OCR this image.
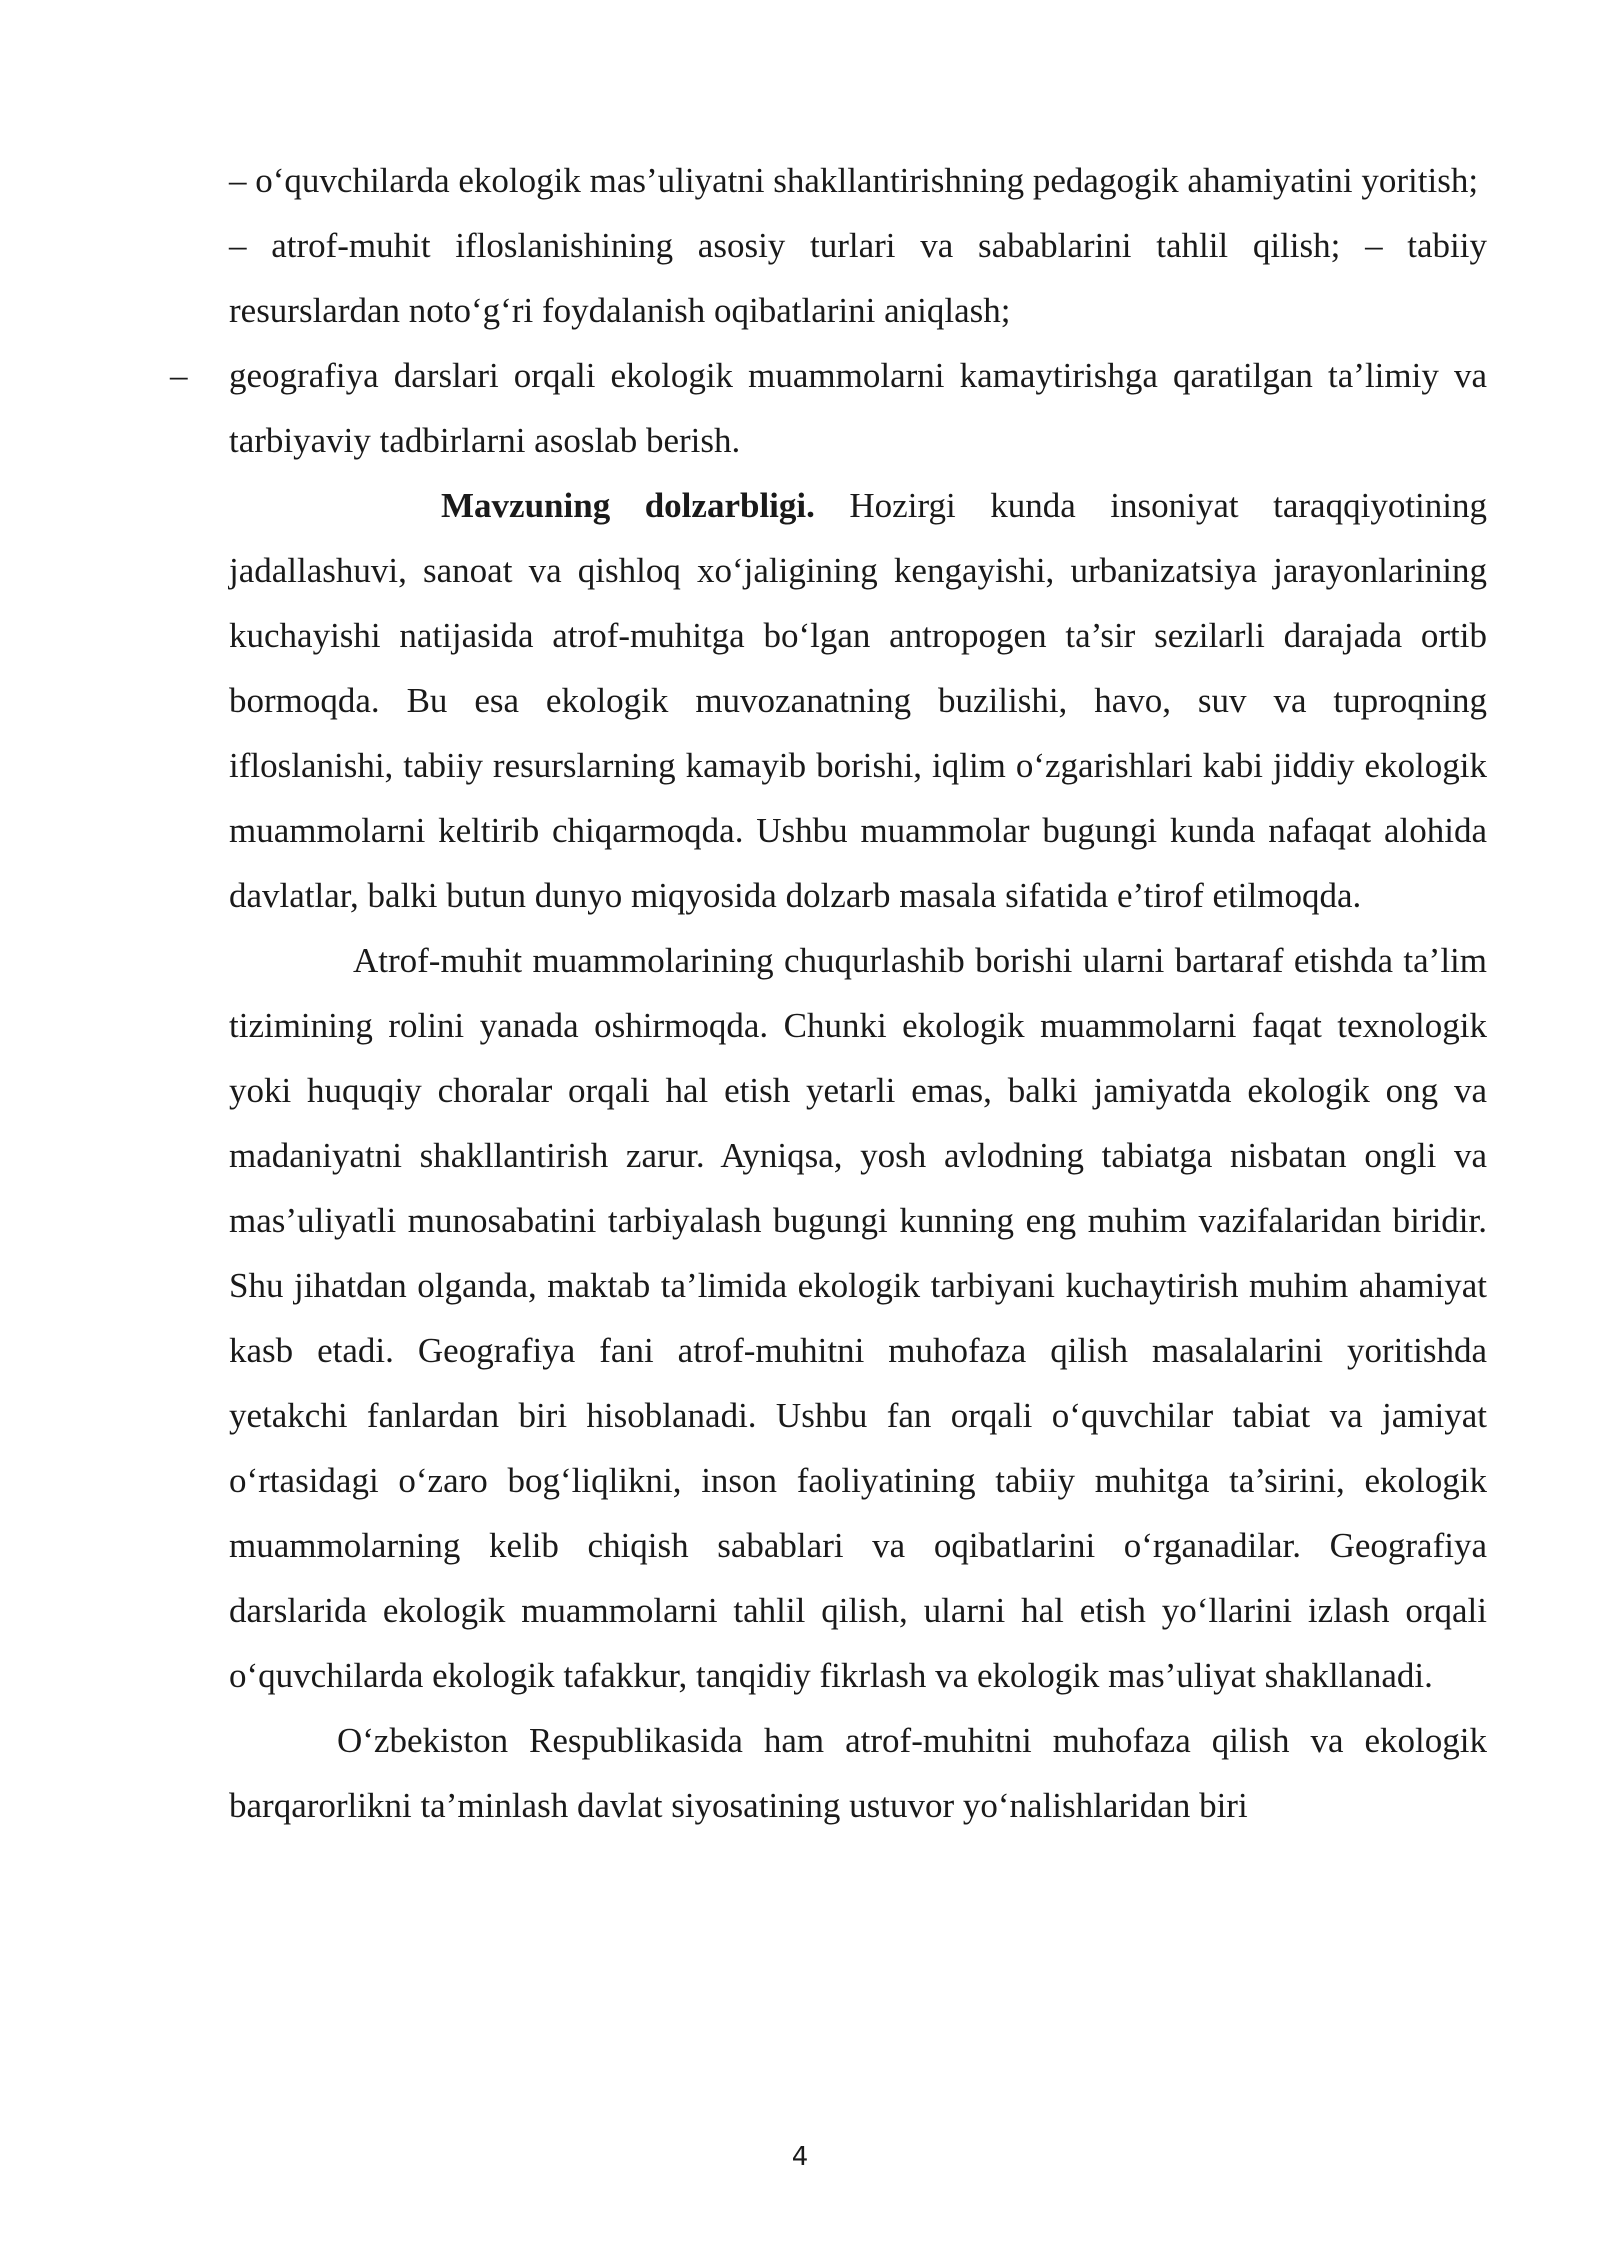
– o‘quvchilarda ekologik mas’uliyatni shakllantirishning pedagogik ahamiyatini yoritish;

– atrof-muhit ifloslanishining asosiy turlari va sabablarini tahlil qilish; – tabiiy resurslardan noto‘g‘ri foydalanish oqibatlarini aniqlash;

– geografiya darslari orqali ekologik muammolarni kamaytirishga qaratilgan ta’limiy va tarbiyaviy tadbirlarni asoslab berish.

Mavzuning dolzarbligi. Hozirgi kunda insoniyat taraqqiyotining jadallashuvi, sanoat va qishloq xo‘jaligining kengayishi, urbanizatsiya jarayonlarining kuchayishi natijasida atrof-muhitga bo‘lgan antropogen ta’sir sezilarli darajada ortib bormoqda. Bu esa ekologik muvozanatning buzilishi, havo, suv va tuproqning ifloslanishi, tabiiy resurslarning kamayib borishi, iqlim o‘zgarishlari kabi jiddiy ekologik muammolarni keltirib chiqarmoqda. Ushbu muammolar bugungi kunda nafaqat alohida davlatlar, balki butun dunyo miqyosida dolzarb masala sifatida e’tirof etilmoqda.

Atrof-muhit muammolarining chuqurlashib borishi ularni bartaraf etishda ta’lim tizimining rolini yanada oshirmoqda. Chunki ekologik muammolarni faqat texnologik yoki huquqiy choralar orqali hal etish yetarli emas, balki jamiyatda ekologik ong va madaniyatni shakllantirish zarur. Ayniqsa, yosh avlodning tabiatga nisbatan ongli va mas’uliyatli munosabatini tarbiyalash bugungi kunning eng muhim vazifalaridan biridir. Shu jihatdan olganda, maktab ta’limida ekologik tarbiyani kuchaytirish muhim ahamiyat kasb etadi. Geografiya fani atrof-muhitni muhofaza qilish masalalarini yoritishda yetakchi fanlardan biri hisoblanadi. Ushbu fan orqali o‘quvchilar tabiat va jamiyat o‘rtasidagi o‘zaro bog‘liqlikni, inson faoliyatining tabiiy muhitga ta’sirini, ekologik muammolarning kelib chiqish sabablari va oqibatlarini o‘rganadilar. Geografiya darslarida ekologik muammolarni tahlil qilish, ularni hal etish yo‘llarini izlash orqali o‘quvchilarda ekologik tafakkur, tanqidiy fikrlash va ekologik mas’uliyat shakllanadi.

O‘zbekiston Respublikasida ham atrof-muhitni muhofaza qilish va ekologik barqarorlikni ta’minlash davlat siyosatining ustuvor yo‘nalishlaridan biri

4
